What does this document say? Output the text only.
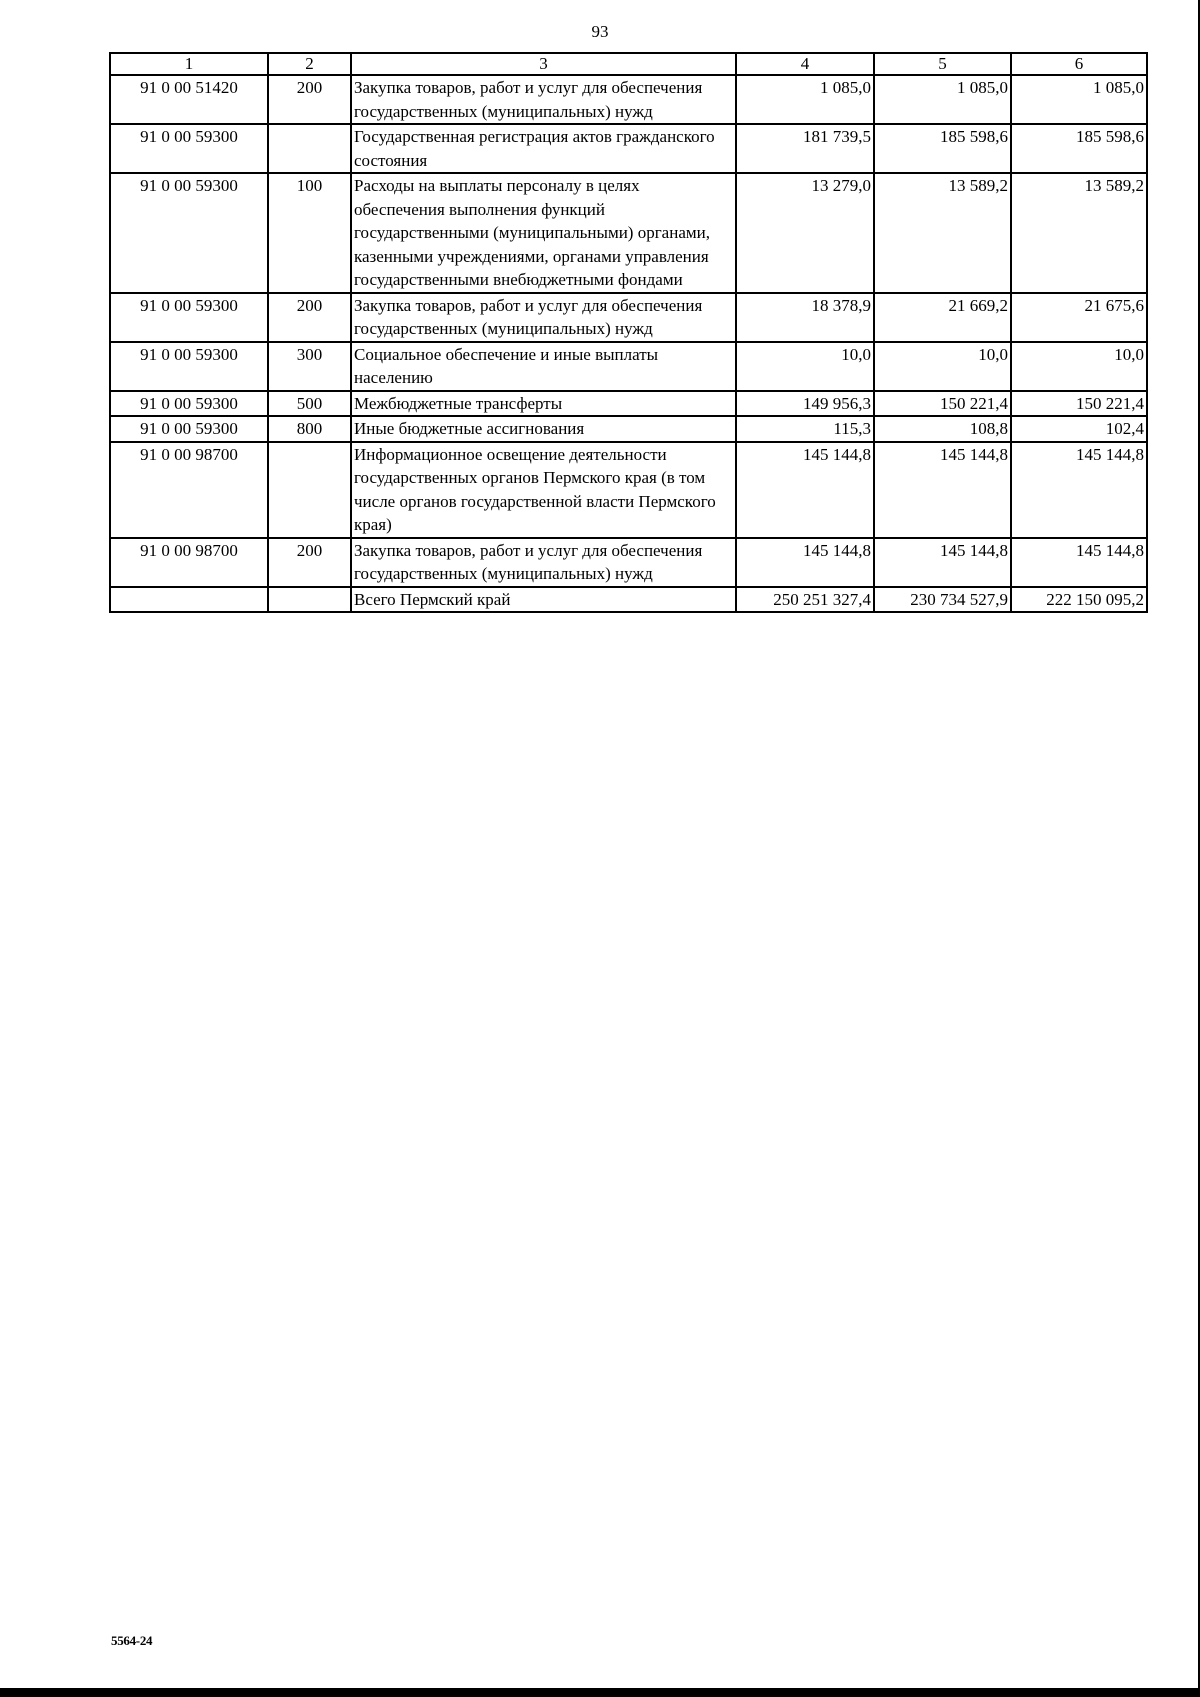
93
1	2	3	4	5	6
91 0 00 51420	200	Закупка товаров, работ и услуг для обеспечения государственных (муниципальных) нужд	1 085,0	1 085,0	1 085,0
91 0 00 59300		Государственная регистрация актов гражданского состояния	181 739,5	185 598,6	185 598,6
91 0 00 59300	100	Расходы на выплаты персоналу в целях обеспечения выполнения функций государственными (муниципальными) органами, казенными учреждениями, органами управления государственными внебюджетными фондами	13 279,0	13 589,2	13 589,2
91 0 00 59300	200	Закупка товаров, работ и услуг для обеспечения государственных (муниципальных) нужд	18 378,9	21 669,2	21 675,6
91 0 00 59300	300	Социальное обеспечение и иные выплаты населению	10,0	10,0	10,0
91 0 00 59300	500	Межбюджетные трансферты	149 956,3	150 221,4	150 221,4
91 0 00 59300	800	Иные бюджетные ассигнования	115,3	108,8	102,4
91 0 00 98700		Информационное освещение деятельности государственных органов Пермского края (в том числе органов государственной власти Пермского края)	145 144,8	145 144,8	145 144,8
91 0 00 98700	200	Закупка товаров, работ и услуг для обеспечения государственных (муниципальных) нужд	145 144,8	145 144,8	145 144,8
		Всего Пермский край	250 251 327,4	230 734 527,9	222 150 095,2
5564-24
